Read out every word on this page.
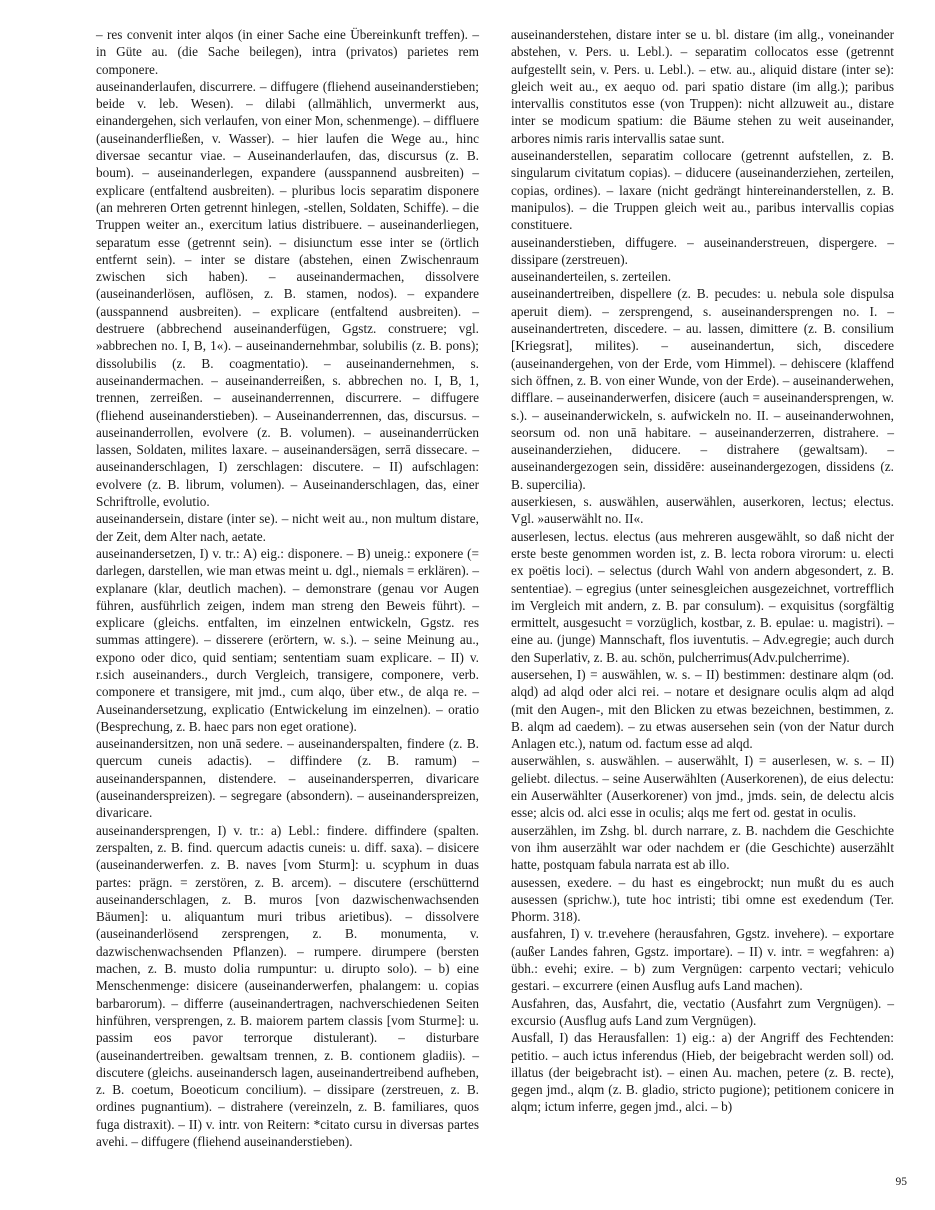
– res convenit inter alqos (in einer Sache eine Übereinkunft treffen). – in Güte au. (die Sache beilegen), intra (privatos) parietes rem componere.

auseinanderlaufen, discurrere. – diffugere (fliehend auseinanderstieben; beide v. leb. Wesen). – dilabi (allmählich, unvermerkt aus, einandergehen, sich verlaufen, von einer Mon, schenmenge). – diffluere (auseinanderfließen, v. Wasser). – hier laufen die Wege au., hinc diversae secantur viae. – Auseinanderlaufen, das, discursus (z. B. boum). – auseinanderlegen, expandere (ausspannend ausbreiten) – explicare (entfaltend ausbreiten). – pluribus locis separatim disponere (an mehreren Orten getrennt hinlegen, -stellen, Soldaten, Schiffe). – die Truppen weiter an., exercitum latius distribuere. – auseinanderliegen, separatum esse (getrennt sein). – disiunctum esse inter se (örtlich entfernt sein). – inter se distare (abstehen, einen Zwischenraum zwischen sich haben). – auseinandermachen, dissolvere (auseinanderlösen, auflösen, z. B. stamen, nodos). – expandere (ausspannend ausbreiten). – explicare (entfaltend ausbreiten). – destruere (abbrechend auseinanderfügen, Ggstz. construere; vgl. »abbrechen no. I, B, 1«). – auseinandernehmbar, solubilis (z. B. pons); dissolubilis (z. B. coagmentatio). – auseinandernehmen, s. auseinandermachen. – auseinanderreißen, s. abbrechen no. I, B, 1, trennen, zerreißen. – auseinanderrennen, discurrere. – diffugere (fliehend auseinanderstieben). – Auseinanderrennen, das, discursus. – auseinanderrollen, evolvere (z. B. volumen). – auseinanderrücken lassen, Soldaten, milites laxare. – auseinandersägen, serrā dissecare. – auseinanderschlagen, I) zerschlagen: discutere. – II) aufschlagen: evolvere (z. B. librum, volumen). – Auseinanderschlagen, das, einer Schriftrolle, evolutio.

auseinandersein, distare (inter se). – nicht weit au., non multum distare, der Zeit, dem Alter nach, aetate.

auseinandersetzen, I) v. tr.: A) eig.: disponere. – B) uneig.: exponere (= darlegen, darstellen, wie man etwas meint u. dgl., niemals = erklären). – explanare (klar, deutlich machen). – demonstrare (genau vor Augen führen, ausführlich zeigen, indem man streng den Beweis führt). – explicare (gleichs. entfalten, im einzelnen entwickeln, Ggstz. res summas attingere). – disserere (erörtern, w. s.). – seine Meinung au., expono oder dico, quid sentiam; sententiam suam explicare. – II) v. r.sich auseinanders., durch Vergleich, transigere, componere, verb. componere et transigere, mit jmd., cum alqo, über etw., de alqa re. – Auseinandersetzung, explicatio (Entwickelung im einzelnen). – oratio (Besprechung, z. B. haec pars non eget oratione).

auseinandersitzen, non unā sedere. – auseinanderspalten, findere (z. B. quercum cuneis adactis). – diffindere (z. B. ramum) – auseinanderspannen, distendere. – auseinandersperren, divaricare (auseinanderspreizen). – segregare (absondern). – auseinanderspreizen, divaricare.

auseinandersprengen, I) v. tr.: a) Lebl.: findere. diffindere (spalten. zerspalten, z. B. find. quercum adactis cuneis: u. diff. saxa). – disicere (auseinanderwerfen. z. B. naves [vom Sturm]: u. scyphum in duas partes: prägn. = zerstören, z. B. arcem). – discutere (erschütternd auseinanderschlagen, z. B. muros [von dazwischenwachsenden Bäumen]: u. aliquantum muri tribus arietibus). – dissolvere (auseinanderlösend zersprengen, z. B. monumenta, v. dazwischenwachsenden Pflanzen). – rumpere. dirumpere (bersten machen, z. B. musto dolia rumpuntur: u. dirupto solo). – b) eine Menschenmenge: disicere (auseinanderwerfen, phalangem: u. copias barbarorum). – differre (auseinandertragen, nachverschiedenen Seiten hinführen, versprengen, z. B. maiorem partem classis [vom Sturme]: u. passim eos pavor terrorque distulerant). – disturbare (auseinandertreiben. gewaltsam trennen, z. B. contionem gladiis). – discutere (gleichs. auseinandersch lagen, auseinandertreibend aufheben, z. B. coetum, Boeoticum concilium). – dissipare (zerstreuen, z. B. ordines pugnantium). – distrahere (vereinzeln, z. B. familiares, quos fuga distraxit). – II) v. intr. von Reitern: *citato cursu in diversas partes avehi. – diffugere (fliehend auseinanderstieben).

auseinanderstehen, distare inter se u. bl. distare (im allg., voneinander abstehen, v. Pers. u. Lebl.). – separatim collocatos esse (getrennt aufgestellt sein, v. Pers. u. Lebl.). – etw. au., aliquid distare (inter se): gleich weit au., ex aequo od. pari spatio distare (im allg.); paribus intervallis constitutos esse (von Truppen): nicht allzuweit au., distare inter se modicum spatium: die Bäume stehen zu weit auseinander, arbores nimis raris intervallis satae sunt.

auseinanderstellen, separatim collocare (getrennt aufstellen, z. B. singularum civitatum copias). – diducere (auseinanderziehen, zerteilen, copias, ordines). – laxare (nicht gedrängt hintereinanderstellen, z. B. manipulos). – die Truppen gleich weit au., paribus intervallis copias constituere.

auseinanderstieben, diffugere. – auseinanderstreuen, dispergere. – dissipare (zerstreuen).

auseinanderteilen, s. zerteilen.

auseinandertreiben, dispellere (z. B. pecudes: u. nebula sole dispulsa aperuit diem). – zersprengend, s. auseinandersprengen no. I. – auseinandertreten, discedere. – au. lassen, dimittere (z. B. consilium [Kriegsrat], milites). – auseinandertun, sich, discedere (auseinandergehen, von der Erde, vom Himmel). – dehiscere (klaffend sich öffnen, z. B. von einer Wunde, von der Erde). – auseinanderwehen, difflare. – auseinanderwerfen, disicere (auch = auseinandersprengen, w. s.). – auseinanderwickeln, s. aufwickeln no. II. – auseinanderwohnen, seorsum od. non unā habitare. – auseinanderzerren, distrahere. – auseinanderziehen, diducere. – distrahere (gewaltsam). – auseinandergezogen sein, dissidēre: auseinandergezogen, dissidens (z. B. supercilia).

auserkiesen, s. auswählen, auserwählen, auserkoren, lectus; electus. Vgl. »auserwählt no. II«.

auserlesen, lectus. electus (aus mehreren ausgewählt, so daß nicht der erste beste genommen worden ist, z. B. lecta robora virorum: u. electi ex poëtis loci). – selectus (durch Wahl von andern abgesondert, z. B. sententiae). – egregius (unter seinesgleichen ausgezeichnet, vortrefflich im Vergleich mit andern, z. B. par consulum). – exquisitus (sorgfältig ermittelt, ausgesucht = vorzüglich, kostbar, z. B. epulae: u. magistri). – eine au. (junge) Mannschaft, flos iuventutis. – Adv.egregie; auch durch den Superlativ, z. B. au. schön, pulcherrimus(Adv.pulcherrime).

ausersehen, I) = auswählen, w. s. – II) bestimmen: destinare alqm (od. alqd) ad alqd oder alci rei. – notare et designare oculis alqm ad alqd (mit den Augen-, mit den Blicken zu etwas bezeichnen, bestimmen, z. B. alqm ad caedem). – zu etwas ausersehen sein (von der Natur durch Anlagen etc.), natum od. factum esse ad alqd.

auserwählen, s. auswählen. – auserwählt, I) = auserlesen, w. s. – II) geliebt. dilectus. – seine Auserwählten (Auserkorenen), de eius delectu: ein Auserwählter (Auserkorener) von jmd., jmds. sein, de delectu alcis esse; alcis od. alci esse in oculis; alqs me fert od. gestat in oculis.

auserzählen, im Zshg. bl. durch narrare, z. B. nachdem die Geschichte von ihm auserzählt war oder nachdem er (die Geschichte) auserzählt hatte, postquam fabula narrata est ab illo.

ausessen, exedere. – du hast es eingebrockt; nun mußt du es auch ausessen (sprichw.), tute hoc intristi; tibi omne est exedendum (Ter. Phorm. 318).

ausfahren, I) v. tr.evehere (herausfahren, Ggstz. invehere). – exportare (außer Landes fahren, Ggstz. importare). – II) v. intr. = wegfahren: a) übh.: evehi; exire. – b) zum Vergnügen: carpento vectari; vehiculo gestari. – excurrere (einen Ausflug aufs Land machen).

Ausfahren, das, Ausfahrt, die, vectatio (Ausfahrt zum Vergnügen). – excursio (Ausflug aufs Land zum Vergnügen).

Ausfall, I) das Herausfallen: 1) eig.: a) der Angriff des Fechtenden: petitio. – auch ictus inferendus (Hieb, der beigebracht werden soll) od. illatus (der beigebracht ist). – einen Au. machen, petere (z. B. recte), gegen jmd., alqm (z. B. gladio, stricto pugione); petitionem conicere in alqm; ictum inferre, gegen jmd., alci. – b)

95
